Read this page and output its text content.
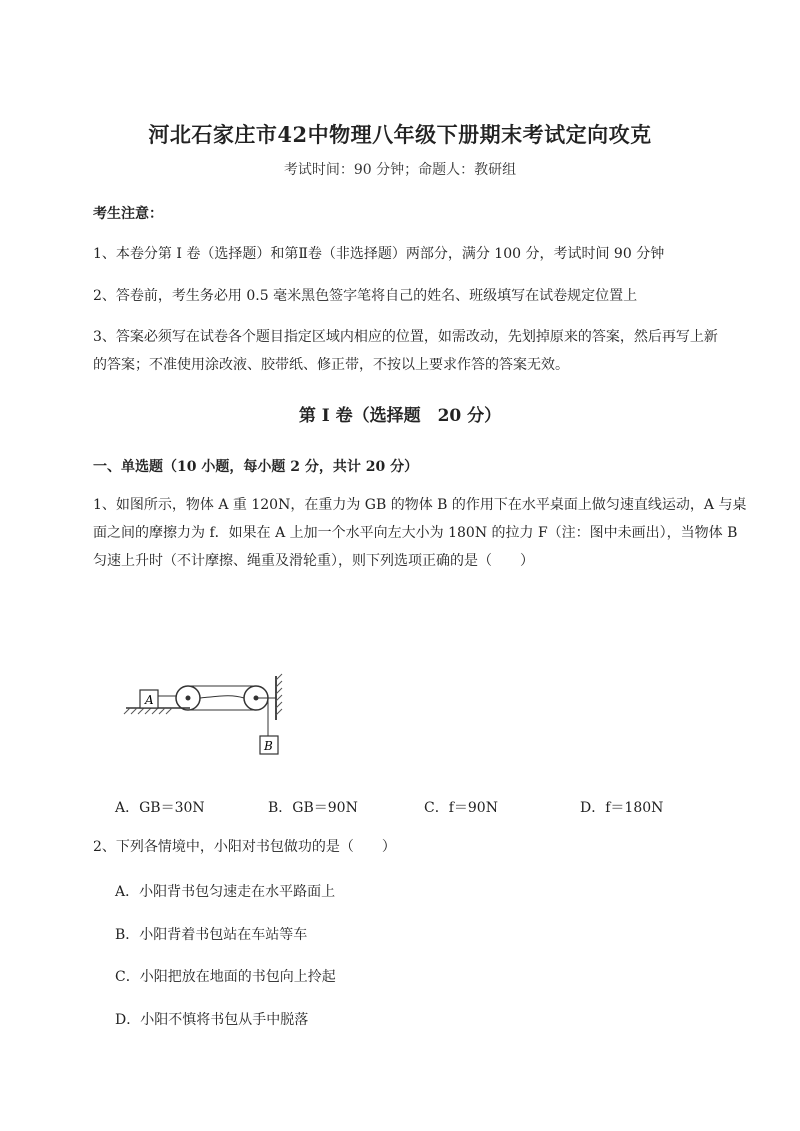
河北石家庄市42中物理八年级下册期末考试定向攻克
考试时间：90 分钟；命题人：教研组
考生注意：
1、本卷分第 I 卷（选择题）和第Ⅱ卷（非选择题）两部分，满分 100 分，考试时间 90 分钟
2、答卷前，考生务必用 0.5 毫米黑色签字笔将自己的姓名、班级填写在试卷规定位置上
3、答案必须写在试卷各个题目指定区域内相应的位置，如需改动，先划掉原来的答案，然后再写上新
的答案；不准使用涂改液、胶带纸、修正带，不按以上要求作答的答案无效。
第 I 卷（选择题　20 分）
一、单选题（10 小题，每小题 2 分，共计 20 分）
1、如图所示，物体 A 重 120N，在重力为 GB 的物体 B 的作用下在水平桌面上做匀速直线运动，A 与桌
面之间的摩擦力为 f．如果在 A 上加一个水平向左大小为 180N 的拉力 F（注：图中未画出），当物体 B
匀速上升时（不计摩擦、绳重及滑轮重），则下列选项正确的是（　　）
A
B
A．GB＝30N	B．GB＝90N	C．f＝90N	D．f＝180N
2、下列各情境中，小阳对书包做功的是（　　）
A．小阳背书包匀速走在水平路面上
B．小阳背着书包站在车站等车
C．小阳把放在地面的书包向上拎起
D．小阳不慎将书包从手中脱落
